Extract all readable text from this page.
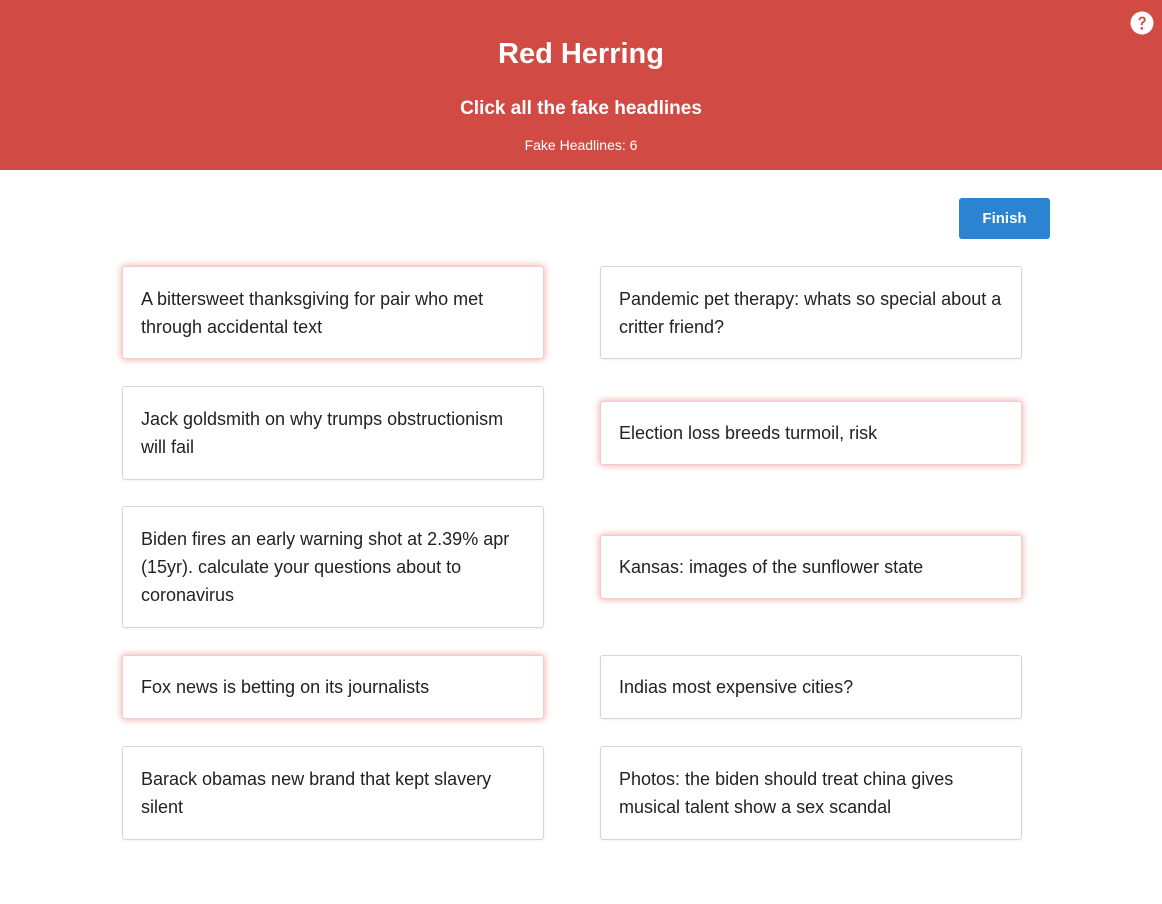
Red Herring
Click all the fake headlines
Fake Headlines: 6
Finish
A bittersweet thanksgiving for pair who met through accidental text
Jack goldsmith on why trumps obstructionism will fail
Biden fires an early warning shot at 2.39% apr (15yr). calculate your questions about to coronavirus
Fox news is betting on its journalists
Barack obamas new brand that kept slavery silent
Pandemic pet therapy: whats so special about a critter friend?
Election loss breeds turmoil, risk
Kansas: images of the sunflower state
Indias most expensive cities?
Photos: the biden should treat china gives musical talent show a sex scandal
